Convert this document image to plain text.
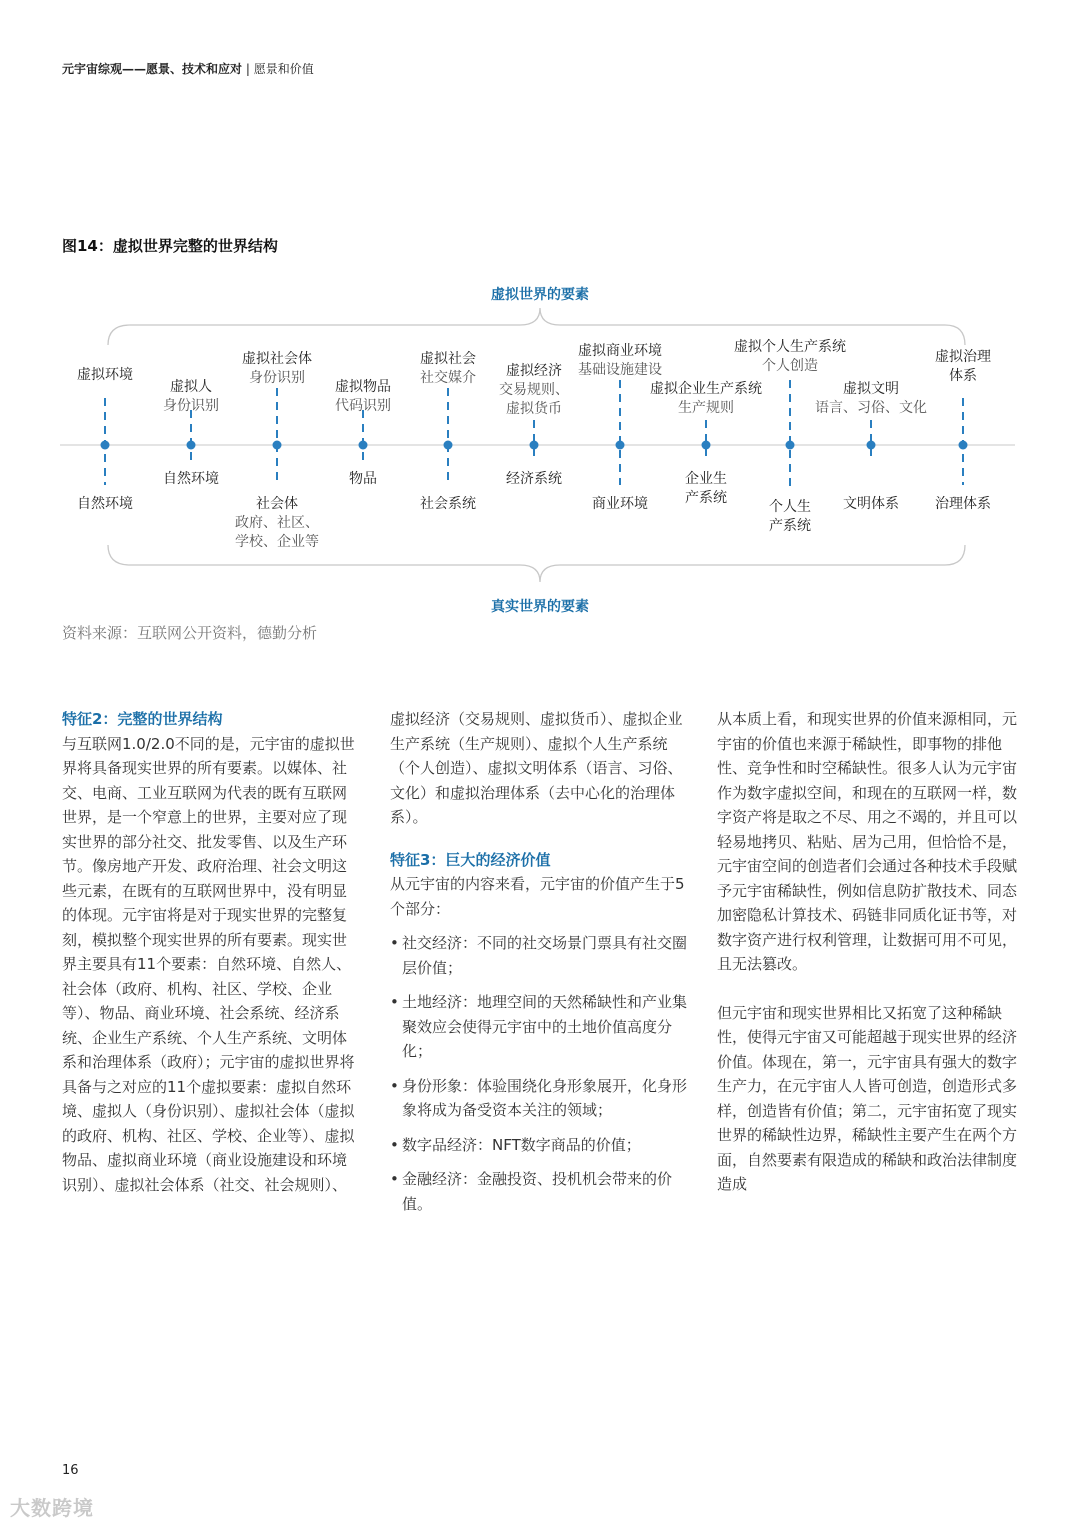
元宇宙综观——愿景、技术和应对 | 愿景和价值
图14：虚拟世界完整的世界结构
虚拟世界的要素
真实世界的要素
虚拟环境
虚拟人
身份识别
虚拟社会体
身份识别
虚拟物品
代码识别
虚拟社会
社交媒介	虚拟经济
交易规则、
虚拟货币
虚拟商业环境
基础设施建设
虚拟企业生产系统
生产规则
虚拟个人生产系统
个人创造
虚拟文明
语言、习俗、文化
虚拟治理
体系
自然环境
自然环境
社会体
政府、社区、
学校、企业等
物品
社会系统
经济系统
商业环境
企业生
产系统
个人生
产系统
文明体系	治理体系
资料来源：互联网公开资料，德勤分析
特征2：完整的世界结构

与互联网1.0/2.0不同的是，元宇宙的虚拟世界将具备现实世界的所有要素。以媒体、社交、电商、工业互联网为代表的既有互联网世界，是一个窄意上的世界，主要对应了现实世界的部分社交、批发零售、以及生产环节。像房地产开发、政府治理、社会文明这些元素，在既有的互联网世界中，没有明显的体现。元宇宙将是对于现实世界的完整复刻，模拟整个现实世界的所有要素。现实世界主要具有11个要素：自然环境、自然人、社会体（政府、机构、社区、学校、企业等）、物品、商业环境、社会系统、经济系统、企业生产系统、个人生产系统、文明体系和治理体系（政府）；元宇宙的虚拟世界将具备与之对应的11个虚拟要素：虚拟自然环境、虚拟人（身份识别）、虚拟社会体（虚拟的政府、机构、社区、学校、企业等）、虚拟物品、虚拟商业环境（商业设施建设和环境识别）、虚拟社会体系（社交、社会规则）、

虚拟经济（交易规则、虚拟货币）、虚拟企业生产系统（生产规则）、虚拟个人生产系统（个人创造）、虚拟文明体系（语言、习俗、文化）和虚拟治理体系（去中心化的治理体系）。

特征3：巨大的经济价值

从元宇宙的内容来看，元宇宙的价值产生于5个部分：

• 社交经济：不同的社交场景门票具有社交圈层价值；
• 土地经济：地理空间的天然稀缺性和产业集聚效应会使得元宇宙中的土地价值高度分化；
• 身份形象：体验围绕化身形象展开，化身形象将成为备受资本关注的领域；
• 数字品经济：NFT数字商品的价值；
• 金融经济：金融投资、投机机会带来的价值。

从本质上看，和现实世界的价值来源相同，元宇宙的价值也来源于稀缺性，即事物的排他性、竞争性和时空稀缺性。很多人认为元宇宙作为数字虚拟空间，和现在的互联网一样，数字资产将是取之不尽、用之不竭的，并且可以轻易地拷贝、粘贴、居为己用，但恰恰不是，元宇宙空间的创造者们会通过各种技术手段赋予元宇宙稀缺性，例如信息防扩散技术、同态加密隐私计算技术、码链非同质化证书等，对数字资产进行权利管理，让数据可用不可见，且无法篡改。

但元宇宙和现实世界相比又拓宽了这种稀缺性，使得元宇宙又可能超越于现实世界的经济价值。体现在，第一，元宇宙具有强大的数字生产力，在元宇宙人人皆可创造，创造形式多样，创造皆有价值；第二，元宇宙拓宽了现实世界的稀缺性边界，稀缺性主要产生在两个方面，自然要素有限造成的稀缺和政治法律制度造成

16
大数跨境
